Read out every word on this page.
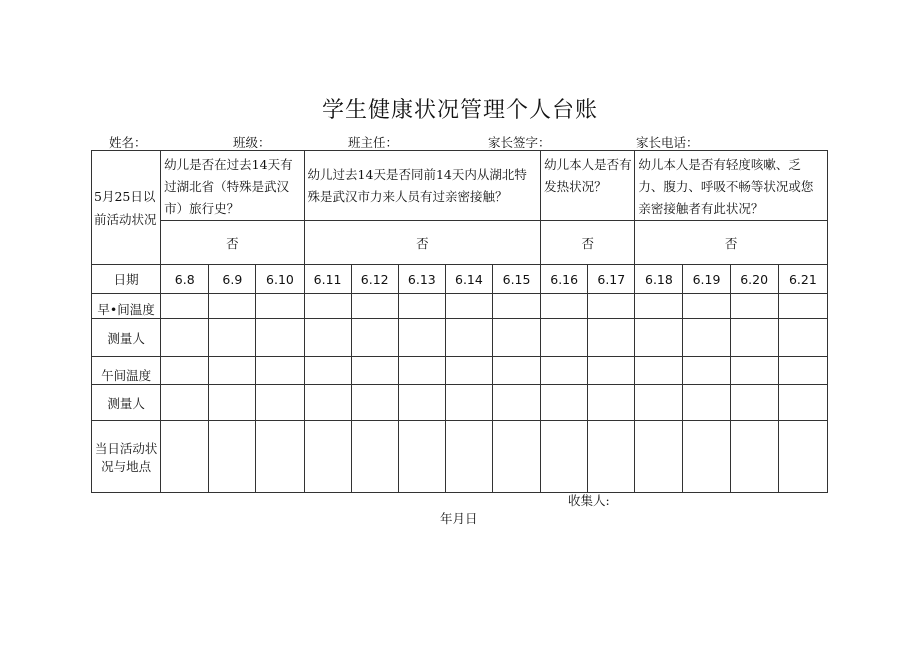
学生健康状况管理个人台账
姓名：	班级：	班主任：	家长签字：	家长电话：
5月25日以前活动状况	幼儿是否在过去14天有过湖北省（特殊是武汉市）旅行史？			幼儿过去14天是否同前14天内从湖北特殊是武汉市力来人员有过亲密接触？					幼儿本人是否有发热状况？		幼儿本人是否有轻度咳嗽、乏力、腹力、呼吸不畅等状况或您亲密接触者有此状况？			
	否			否					否		否			
日期	6.8	6.9	6.10	6.11	6.12	6.13	6.14	6.15	6.16	6.17	6.18	6.19	6.20	6.21
早•间温度														
测量人														
午间温度														
测量人														
当日活动状况与地点														
收集人:
年月日
